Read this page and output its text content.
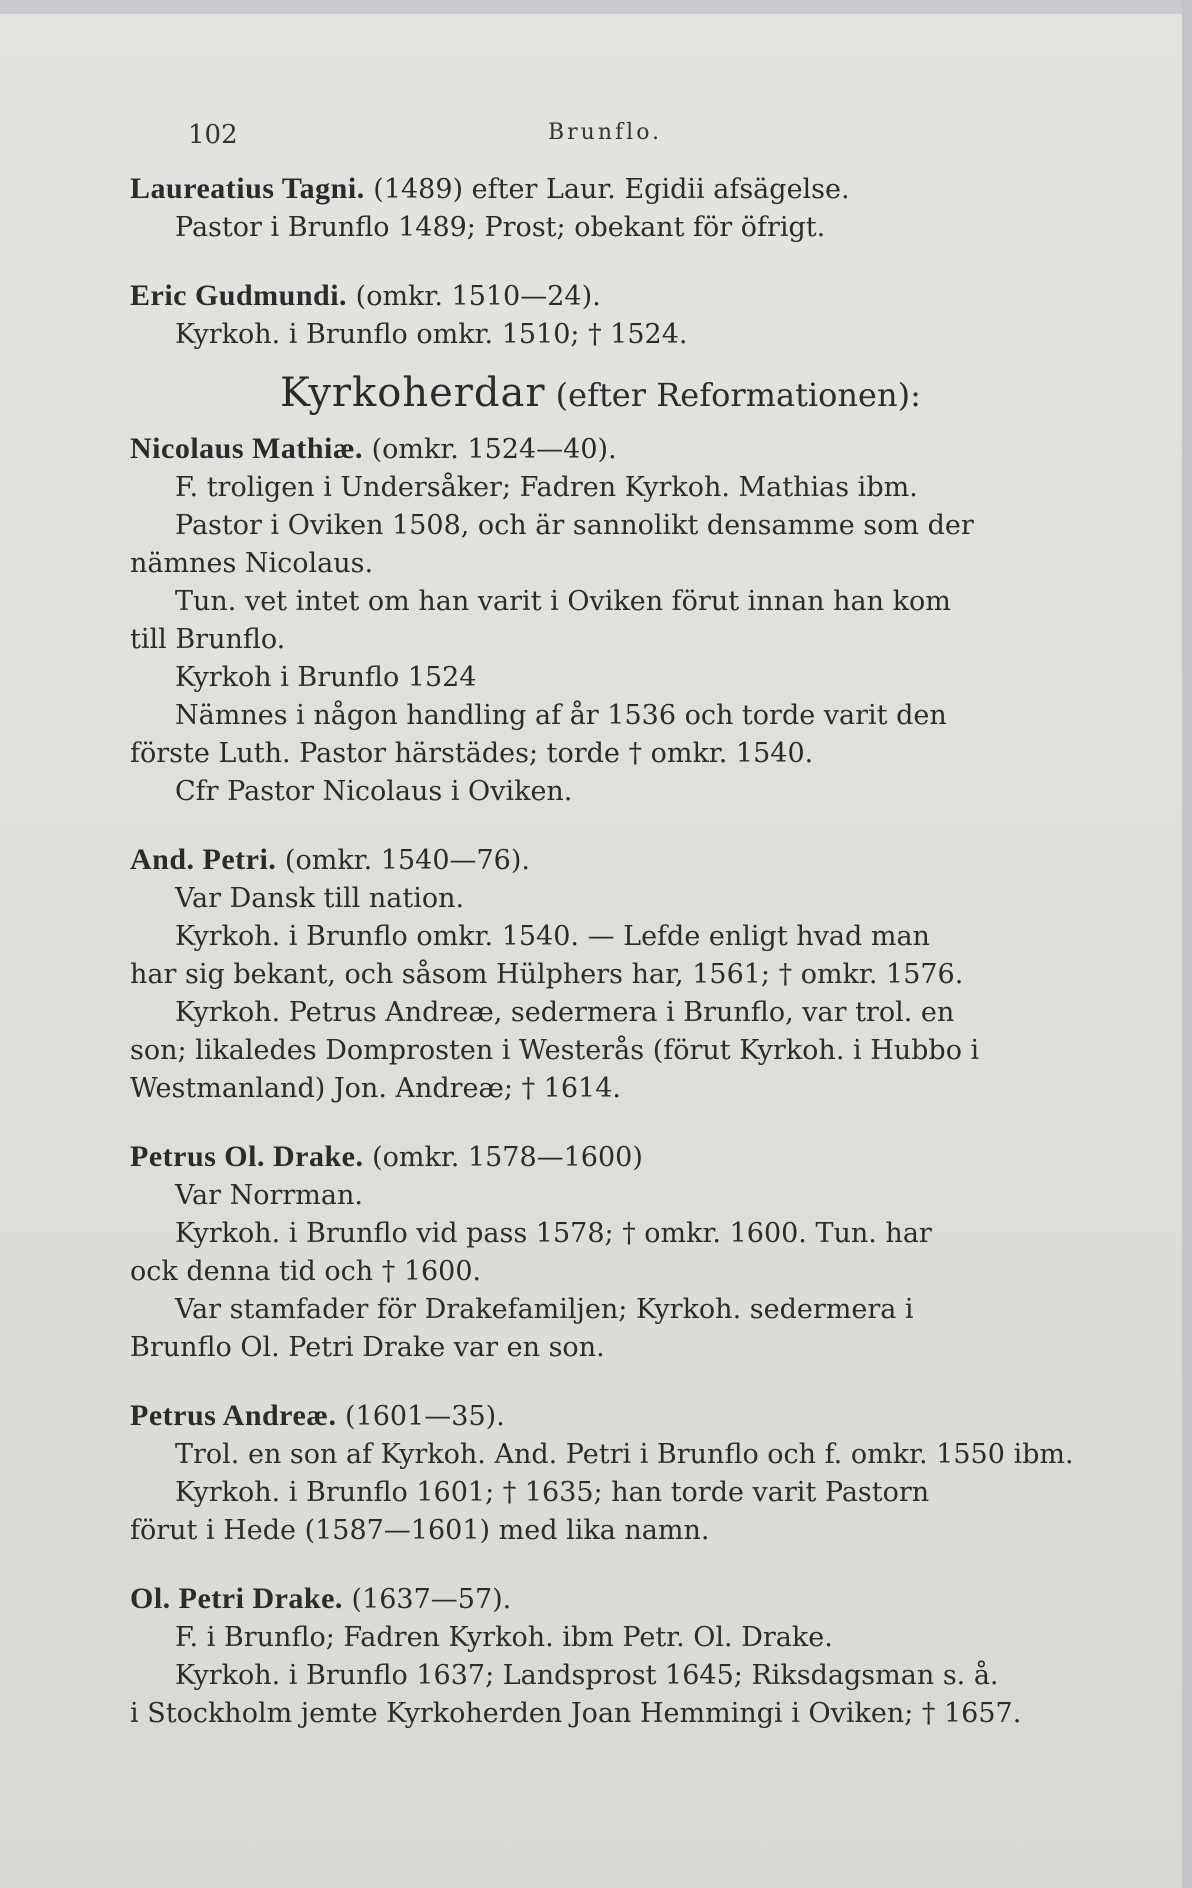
102	Brunflo.

Laureatius Tagni. (1489) efter Laur. Egidii afsägelse.

Pastor i Brunflo 1489; Prost; obekant för öfrigt.

Eric Gudmundi. (omkr. 1510—24).

Kyrkoh. i Brunflo omkr. 1510; † 1524.

Kyrkoherdar (efter Reformationen):

Nicolaus Mathiæ. (omkr. 1524—40).

F. troligen i Undersåker; Fadren Kyrkoh. Mathias ibm.

Pastor i Oviken 1508, och är sannolikt densamme som der

nämnes Nicolaus.

Tun. vet intet om han varit i Oviken förut innan han kom

till Brunflo.

Kyrkoh i Brunflo 1524

Nämnes i någon handling af år 1536 och torde varit den

förste Luth. Pastor härstädes; torde † omkr. 1540.

Cfr Pastor Nicolaus i Oviken.

And. Petri. (omkr. 1540—76).

Var Dansk till nation.

Kyrkoh. i Brunflo omkr. 1540. — Lefde enligt hvad man

har sig bekant, och såsom Hülphers har, 1561; † omkr. 1576.

Kyrkoh. Petrus Andreæ, sedermera i Brunflo, var trol. en

son; likaledes Domprosten i Westerås (förut Kyrkoh. i Hubbo i

Westmanland) Jon. Andreæ; † 1614.

Petrus Ol. Drake. (omkr. 1578—1600)

Var Norrman.

Kyrkoh. i Brunflo vid pass 1578; † omkr. 1600. Tun. har

ock denna tid och † 1600.

Var stamfader för Drakefamiljen; Kyrkoh. sedermera i

Brunflo Ol. Petri Drake var en son.

Petrus Andreæ. (1601—35).

Trol. en son af Kyrkoh. And. Petri i Brunflo och f. omkr. 1550 ibm.

Kyrkoh. i Brunflo 1601; † 1635; han torde varit Pastorn

förut i Hede (1587—1601) med lika namn.

Ol. Petri Drake. (1637—57).

F. i Brunflo; Fadren Kyrkoh. ibm Petr. Ol. Drake.

Kyrkoh. i Brunflo 1637; Landsprost 1645; Riksdagsman s. å.

i Stockholm jemte Kyrkoherden Joan Hemmingi i Oviken; † 1657.
